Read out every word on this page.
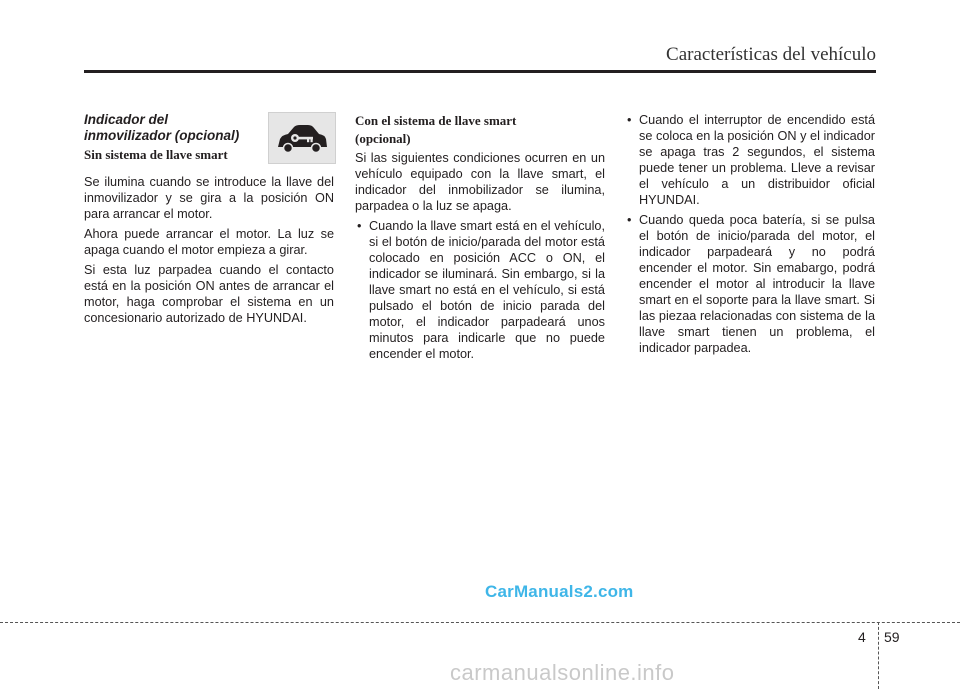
Características del vehículo
Indicador del
inmovilizador (opcional)
Sin sistema de llave smart

Se ilumina cuando se introduce la llave del inmovilizador y se gira a la posición ON para arrancar el motor.

Ahora puede arrancar el motor. La luz se apaga cuando el motor empieza a girar.

Si esta luz parpadea cuando el contacto está en la posición ON antes de arrancar el motor, haga comprobar el sistema en un concesionario autorizado de HYUNDAI.

Con el sistema de llave smart
(opcional)

Si las siguientes condiciones ocurren en un vehículo equipado con la llave smart, el indicador del inmobilizador se ilumina, parpadea o la luz se apaga.

• Cuando la llave smart está en el vehículo, si el botón de inicio/parada del motor está colocado en posición ACC o ON, el indicador se iluminará. Sin embargo, si la llave smart no está en el vehículo, si está pulsado el botón de inicio parada del motor, el indicador parpadeará unos minutos para indicarle que no puede encender el motor.
• Cuando el interruptor de encendido está se coloca en la posición ON y el indicador se apaga tras 2 segundos, el sistema puede tener un problema. Lleve a revisar el vehículo a un distribuidor oficial HYUNDAI.
• Cuando queda poca batería, si se pulsa el botón de inicio/parada del motor, el indicador parpadeará y no podrá encender el motor. Sin emabargo, podrá encender el motor al introducir la llave smart en el soporte para la llave smart. Si las piezaa relacionadas con sistema de la llave smart tienen un problema, el indicador parpadea.
CarManuals2.com
4 59
carmanualsonline.info
